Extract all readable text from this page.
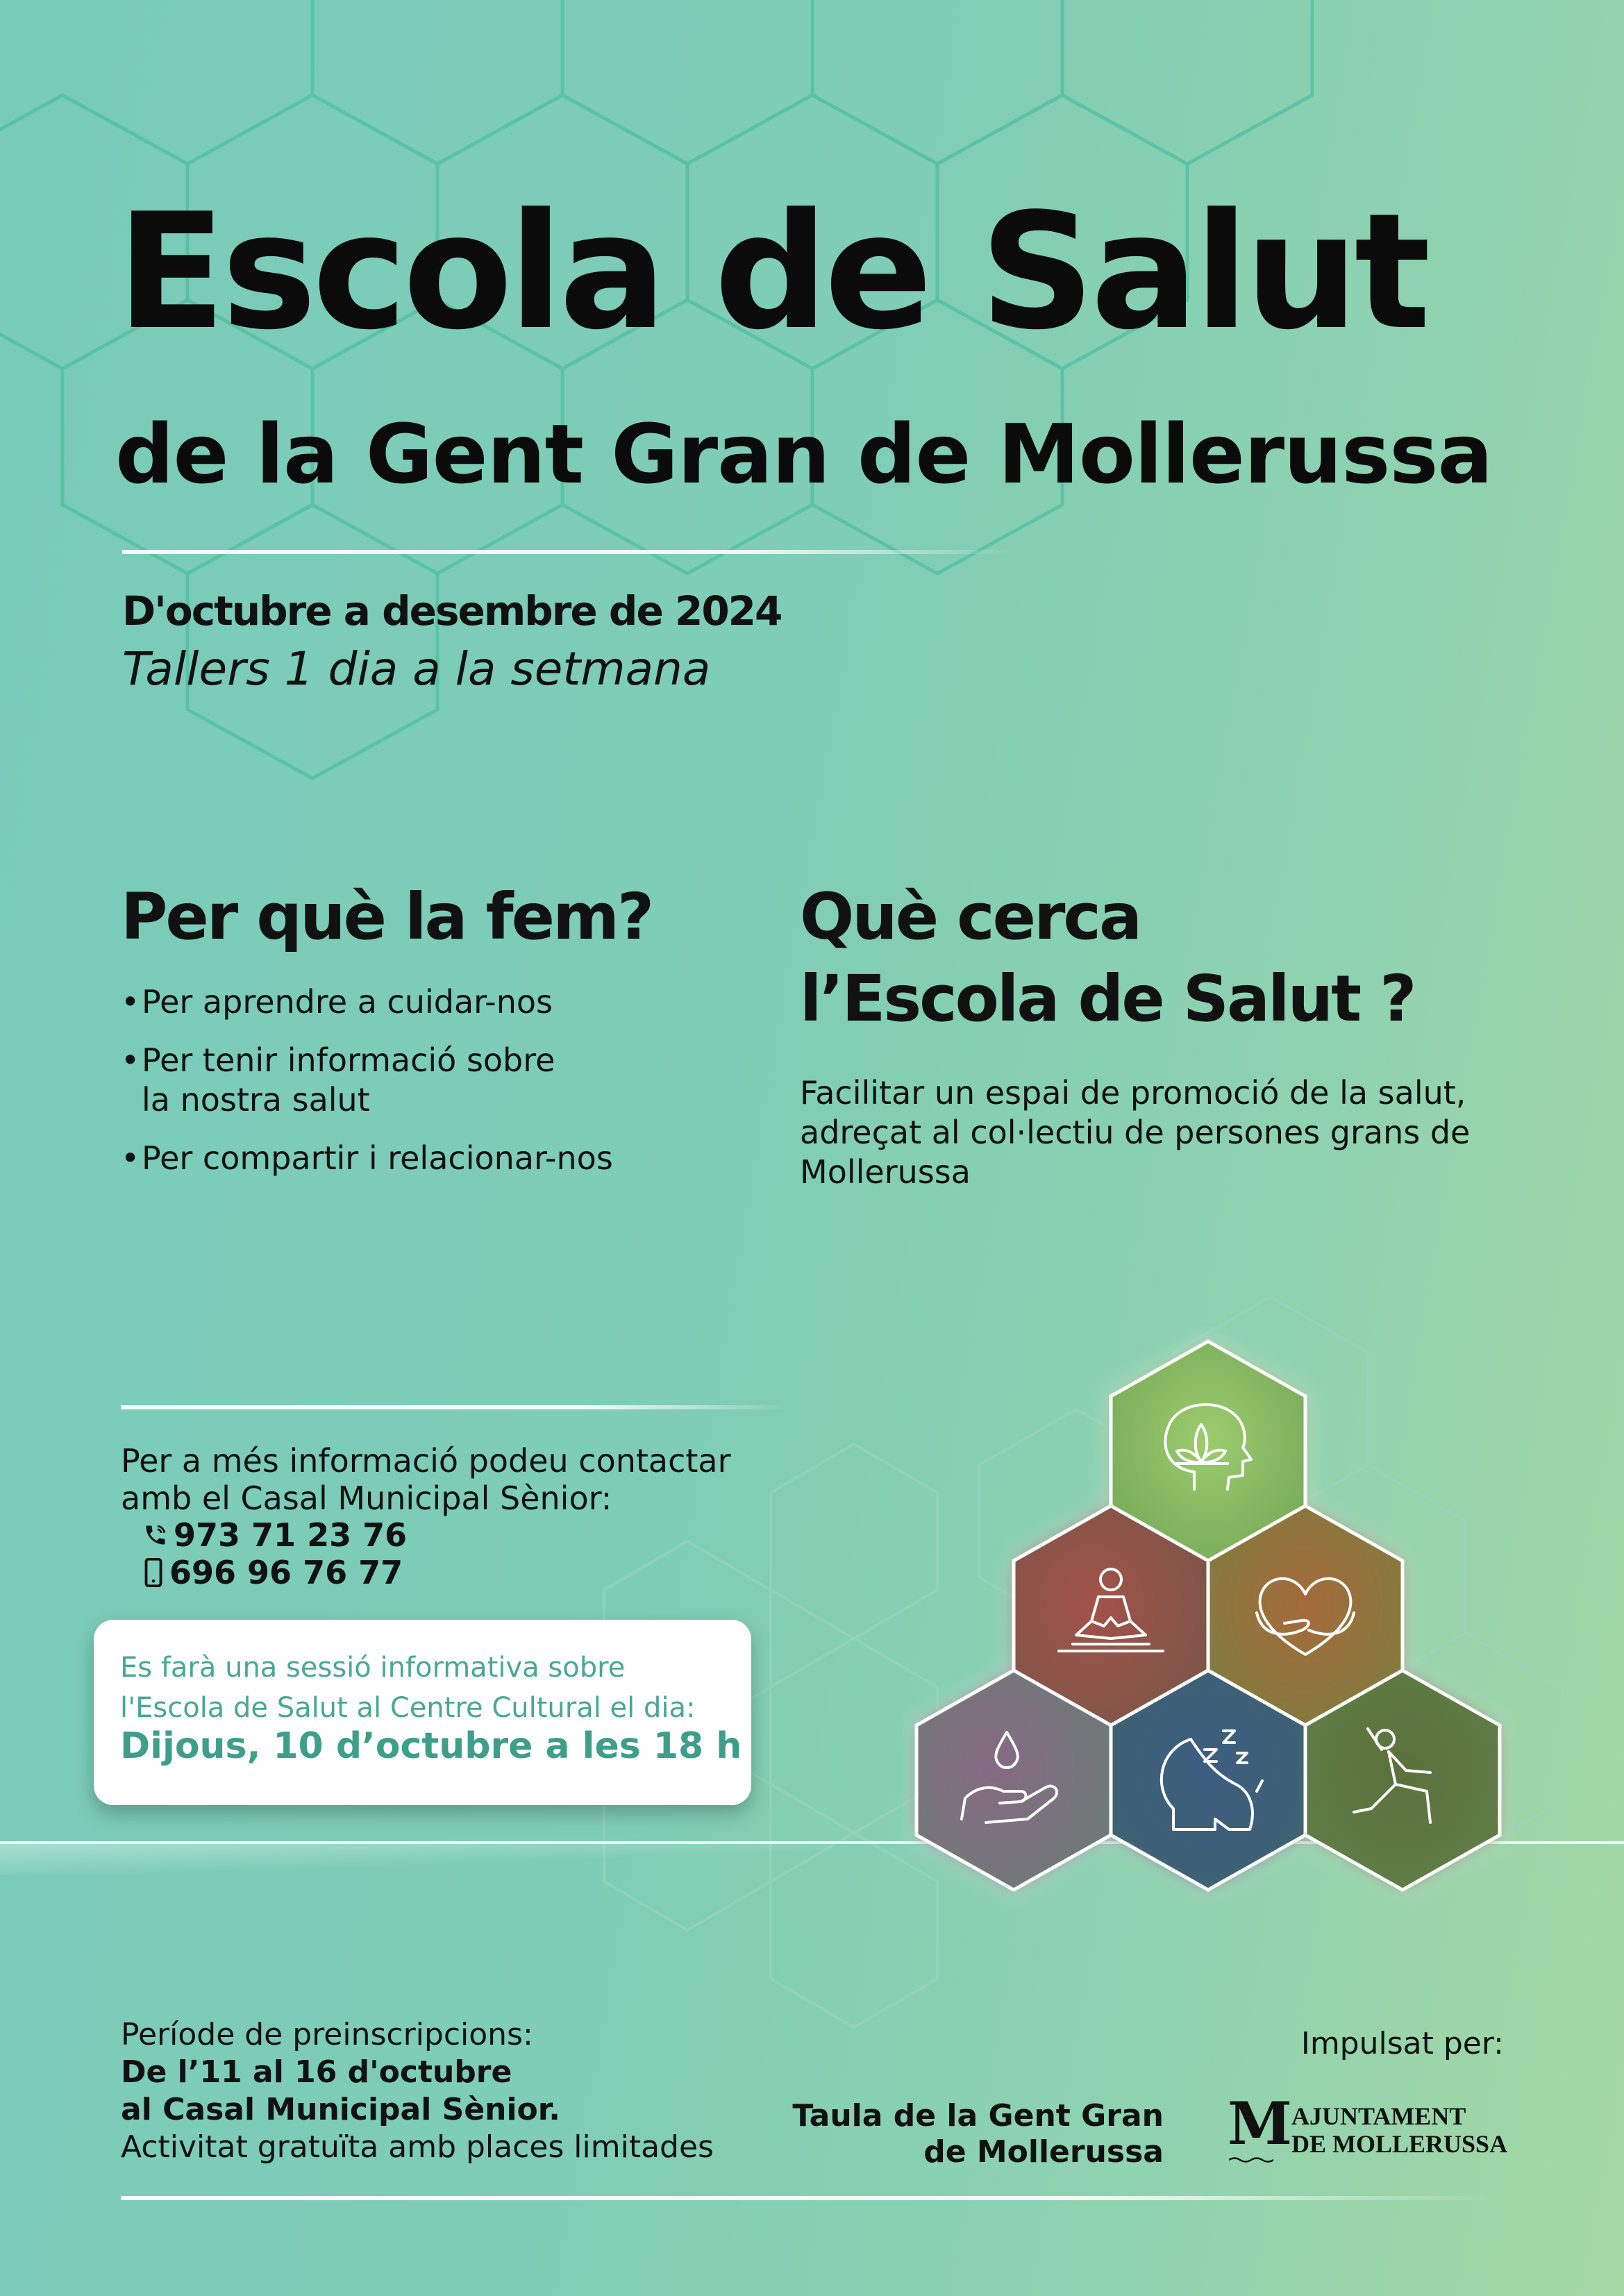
Escola de Salut
de la Gent Gran de Mollerussa
D'octubre a desembre de 2024
Tallers 1 dia a la setmana
Per què la fem?
• Per aprendre a cuidar-nos
• Per tenir informació sobre
la nostra salut
• Per compartir i relacionar-nos
Què cerca
l’Escola de Salut ?
Facilitar un espai de promoció de la salut,
adreçat al col·lectiu de persones grans de
Mollerussa
Per a més informació podeu contactar
amb el Casal Municipal Sènior:
973 71 23 76
696 96 76 77
Es farà una sessió informativa sobre
l'Escola de Salut al Centre Cultural el dia:
Dijous, 10 d’octubre a les 18 h
Període de preinscripcions:
De l’11 al 16 d'octubre
al Casal Municipal Sènior.
Activitat gratuïta amb places limitades
Impulsat per:
Taula de la Gent Gran
de Mollerussa M AJUNTAMENT
DE MOLLERUSSA
